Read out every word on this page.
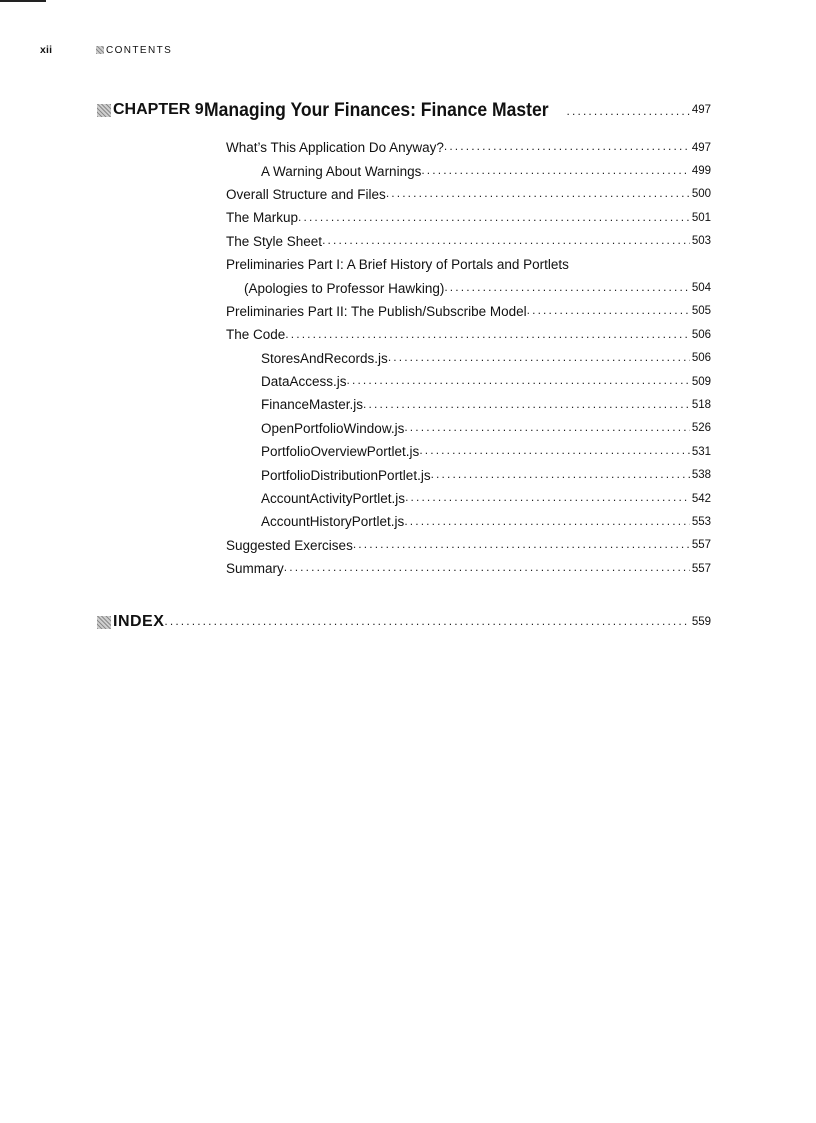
xii	CONTENTS
CHAPTER 9 Managing Your Finances: Finance Master . . .	497
What’s This Application Do Anyway? . . .	497
A Warning About Warnings . . .	499
Overall Structure and Files . . .	500
The Markup . . .	501
The Style Sheet . . .	503
Preliminaries Part I: A Brief History of Portals and Portlets
(Apologies to Professor Hawking) . . .	504
Preliminaries Part II: The Publish/Subscribe Model . . .	505
The Code . . .	506
StoresAndRecords.js . . .	506
DataAccess.js . . .	509
FinanceMaster.js . . .	518
OpenPortfolioWindow.js . . .	526
PortfolioOverviewPortlet.js . . .	531
PortfolioDistributionPortlet.js . . .	538
AccountActivityPortlet.js . . .	542
AccountHistoryPortlet.js . . .	553
Suggested Exercises . . .	557
Summary . . .	557
INDEX . . .	559
